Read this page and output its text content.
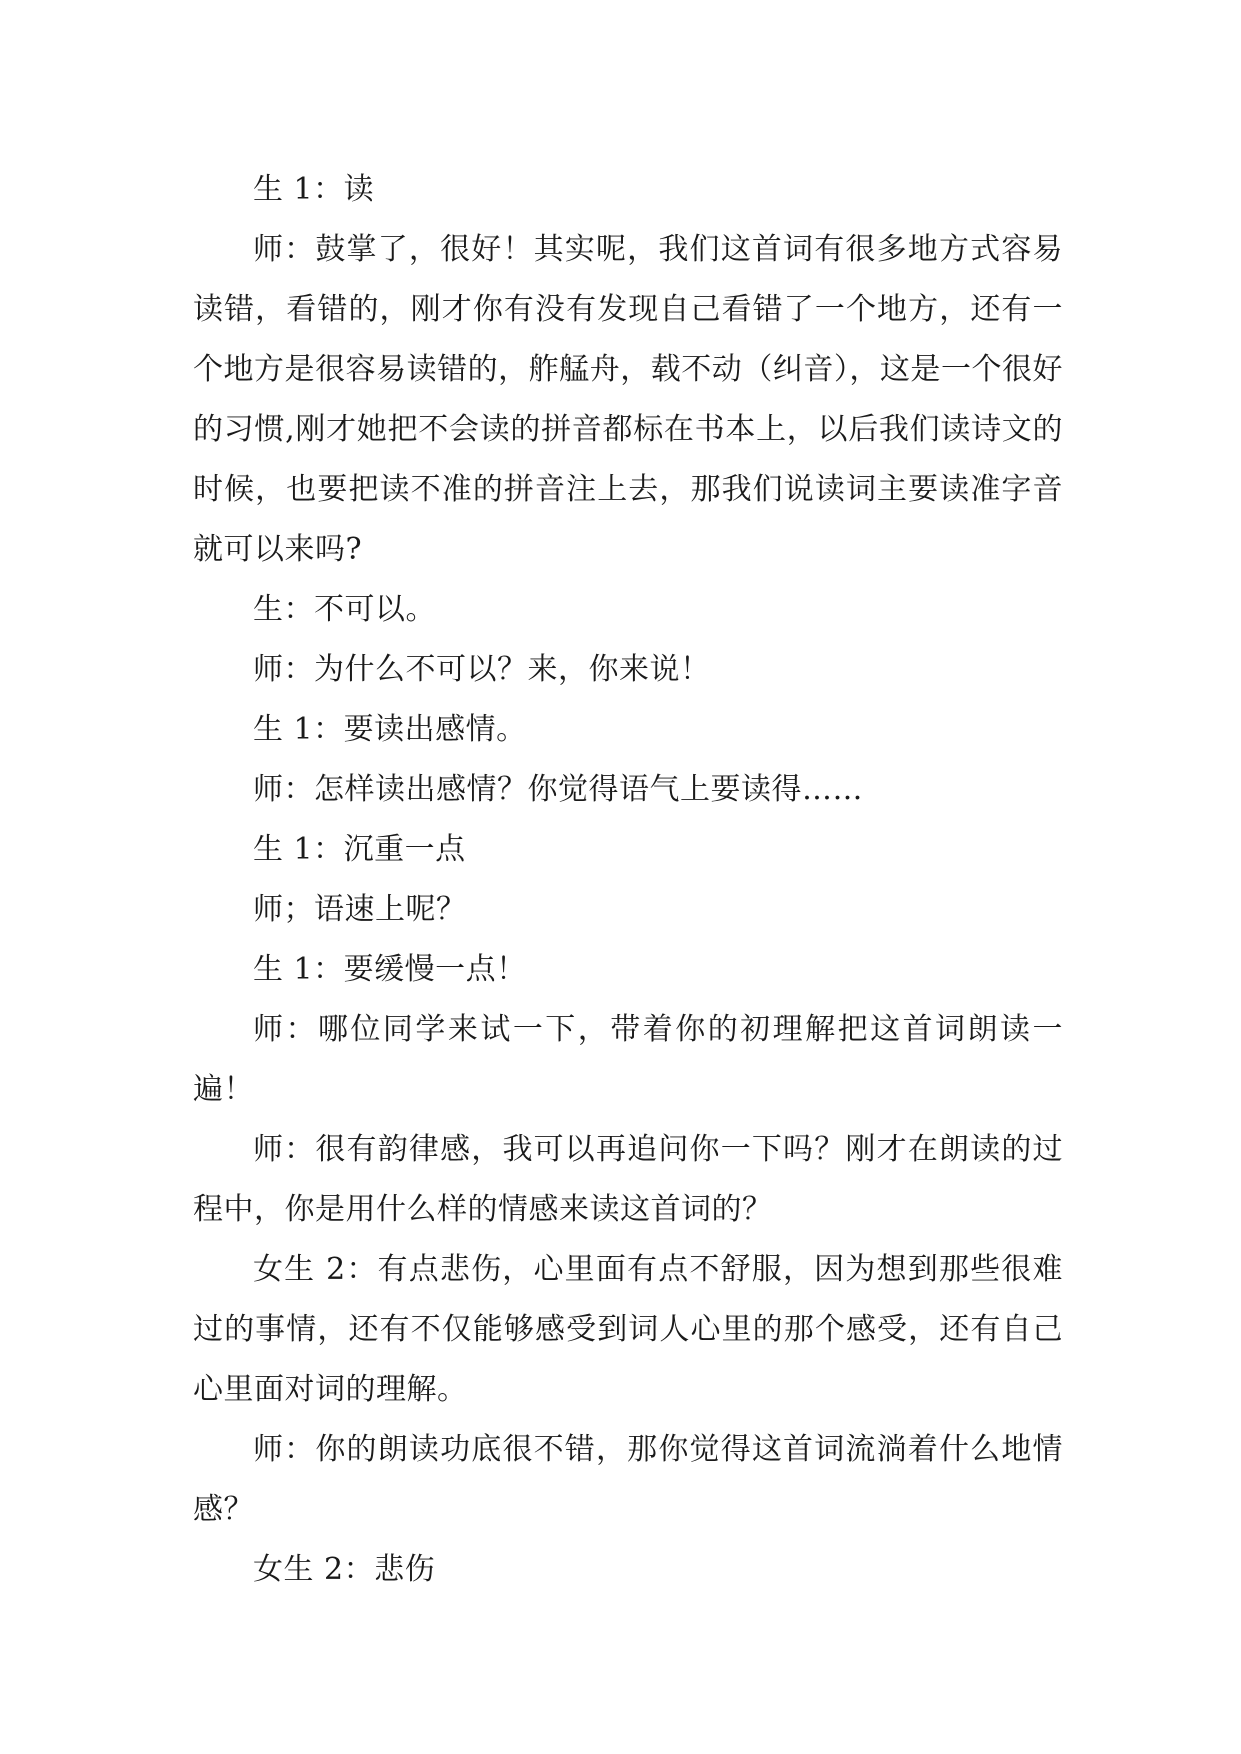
生 1：读

师：鼓掌了，很好！其实呢，我们这首词有很多地方式容易读错，看错的，刚才你有没有发现自己看错了一个地方，还有一个地方是很容易读错的，舴艋舟，载不动（纠音），这是一个很好的习惯,刚才她把不会读的拼音都标在书本上，以后我们读诗文的时候，也要把读不准的拼音注上去，那我们说读词主要读准字音就可以来吗?

生：不可以。

师：为什么不可以？来，你来说！

生 1：要读出感情。

师：怎样读出感情？你觉得语气上要读得……

生 1：沉重一点

师；语速上呢？

生 1：要缓慢一点！

师：哪位同学来试一下，带着你的初理解把这首词朗读一遍！

师：很有韵律感，我可以再追问你一下吗？刚才在朗读的过程中，你是用什么样的情感来读这首词的？

女生 2：有点悲伤，心里面有点不舒服，因为想到那些很难过的事情，还有不仅能够感受到词人心里的那个感受，还有自己心里面对词的理解。

师：你的朗读功底很不错，那你觉得这首词流淌着什么地情感？

女生 2：悲伤
